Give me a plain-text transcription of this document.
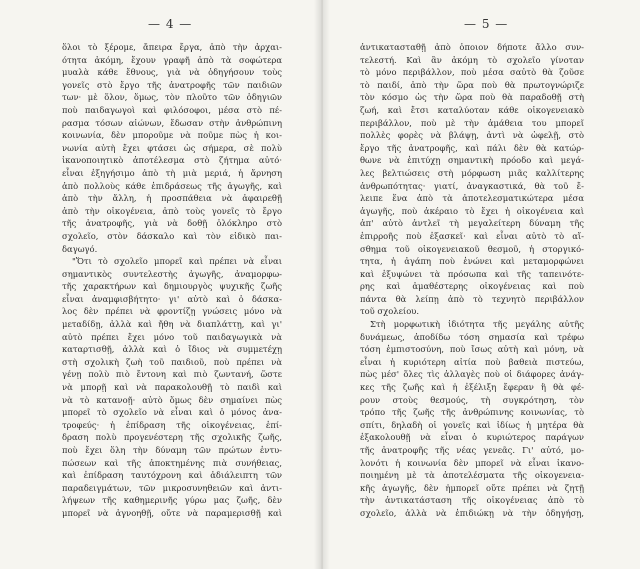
— 4 —
ὅλοι τὸ ξέρομε, ἄπειρα ἔργα, ἀπὸ τὴν ἀρχαι-
ότητα ἀκόμη, ἔχουν γραφῆ ἀπὸ τὰ σοφώτερα
μυαλὰ κάθε ἔθνους, γιὰ νὰ ὁδηγήσουν τοὺς
γονεῖς στὸ ἔργο τῆς ἀνατροφῆς τῶν παιδιῶν
των· μὲ ὅλον, ὅμως, τὸν πλοῦτο τῶν ὁδηγιῶν
ποὺ παιδαγωγοὶ καὶ φιλόσοφοι, μέσα στὸ πέ-
ρασμα τόσων αἰώνων, ἔδωσαν στὴν ἀνθρώπινη
κοινωνία, δὲν μποροῦμε νὰ ποῦμε πὼς ἡ κοι-
νωνία αὐτὴ ἔχει φτάσει ὡς σήμερα, σὲ πολὺ
ἱκανοποιητικὸ ἀποτέλεσμα στὸ ζήτημα αὐτό·
εἶναι ἐξηγήσιμο ἀπὸ τὴ μιὰ μεριά, ἡ ἄρνηση
ἀπὸ πολλοὺς κάθε ἐπιδράσεως τῆς ἀγωγῆς, καὶ
ἀπὸ τὴν ἄλλη, ἡ προσπάθεια νὰ ἀφαιρεθῇ
ἀπὸ τὴν οἰκογένεια, ἀπὸ τοὺς γονεῖς τὸ ἔργο
τῆς ἀνατροφῆς, γιὰ νὰ δοθῇ ὁλόκληρο στὸ
σχολεῖο, στὸν δάσκαλο καὶ τὸν εἰδικὸ παι-
δαγωγό.
"Ὅτι τὸ σχολεῖο μπορεῖ καὶ πρέπει νὰ εἶναι
σημαντικὸς συντελεστὴς ἀγωγῆς, ἀναμορφω-
τῆς χαρακτήρων καὶ δημιουργὸς ψυχικῆς ζωῆς
εἶναι ἀναμφισβήτητο· γι' αὐτὸ καὶ ὁ δάσκα-
λος δὲν πρέπει νὰ φροντίζῃ γνώσεις μόνο νὰ
μεταδίδῃ, ἀλλὰ καὶ ἤθη νὰ διαπλάττῃ, καὶ γι'
αὐτὸ πρέπει ἔχει μόνο τοῦ παιδαγωγικὰ νὰ
καταρτισθῇ, ἀλλὰ καὶ ὁ ἴδιος νὰ συμμετέχῃ
στὴ σχολικὴ ζωὴ τοῦ παιδιοῦ, ποὺ πρέπει νὰ
γένῃ πολὺ πιὸ ἔντονη καὶ πιὸ ζωντανή, ὥστε
νὰ μπορῇ καὶ νὰ παρακολουθῇ τὸ παιδὶ καὶ
νὰ τὸ κατανοῇ· αὐτὸ ὅμως δὲν σημαίνει πὼς
μπορεῖ τὸ σχολεῖο νὰ εἶναι καὶ ὁ μόνος ἀνα-
τροφεύς· ἡ ἐπίδραση τῆς οἰκογένειας, ἐπί-
δραση πολὺ προγενέστερη τῆς σχολικῆς ζωῆς,
ποὺ ἔχει ὅλη τὴν δύναμη τῶν πρώτων ἐντυ-
πώσεων καὶ τῆς ἀποκτημένης πιὰ συνήθειας,
καὶ ἐπίδραση ταυτόχρονη καὶ ἀδιάλειπτη τῶν
παραδειγμάτων, τῶν μικροσυνηθειῶν καὶ ἀντι-
λήψεων τῆς καθημερινῆς γύρω μας ζωῆς, δὲν
μπορεῖ νὰ ἀγνοηθῇ, οὔτε νὰ παραμερισθῇ καὶ
— 5 —
ἀντικατασταθῇ ἀπὸ ὁποιον δήποτε ἄλλο συν-
τελεστή. Καὶ ἂν ἀκόμη τὸ σχολεῖο γίνοταν
τὸ μόνο περιβάλλον, ποὺ μέσα σαὐτὸ θὰ ζοῦσε
τὸ παιδί, ἀπὸ τὴν ὥρα ποὺ θὰ πρωτογνώριζε
τὸν κόσμο ὡς τὴν ὥρα ποὺ θὰ παραδοθῇ στὴ
ζωή, καὶ ἔτσι καταλύοταν κάθε οἰκογενειακὸ
περιβάλλον, ποὺ μὲ τὴν ἀμάθεια του μπορεῖ
πολλὲς φορὲς νὰ βλάψῃ, ἀντὶ νὰ ὠφελῇ, στὸ
ἔργο τῆς ἀνατροφῆς, καὶ πάλι δὲν θὰ κατώρ-
θωνε νὰ ἐπιτύχῃ σημαντικὴ πρόοδο καὶ μεγά-
λες βελτιώσεις στὴ μόρφωση μιᾶς καλλίτερης
ἀνθρωπότητας· γιατί, ἀναγκαστικά, θὰ τοῦ ἔ-
λειπε ἕνα ἀπὸ τὰ ἀποτελεσματικώτερα μέσα
ἀγωγῆς, ποὺ ἀκέραιο τὸ ἔχει ἡ οἰκογένεια καὶ
ἀπ' αὐτὸ ἀντλεῖ τὴ μεγαλείτερη δύναμη τῆς
ἐπιρροῆς ποὺ ἐξασκεῖ· καὶ εἶναι αὐτὸ τὸ αἴ-
σθημα τοῦ οἰκογενειακοῦ θεσμοῦ, ἡ στοργικό-
τητα, ἡ ἀγάπη ποὺ ἑνώνει καὶ μεταμορφώνει
καὶ ἐξυψώνει τὰ πρόσωπα καὶ τῆς ταπεινότε-
ρης καὶ ἀμαθέστερης οἰκογένειας καὶ ποὺ
πάντα θὰ λείπῃ ἀπὸ τὸ τεχνητὸ περιβάλλον
τοῦ σχολείου.
Στὴ μορφωτικὴ ἰδιότητα τῆς μεγάλης αὐτῆς
δυνάμεως, ἀποδίδω τόση σημασία καὶ τρέφω
τόση ἐμπιστοσύνη, ποὺ ἴσως αὐτὴ καὶ μόνη, νὰ
εἶναι ἡ κυριότερη αἰτία ποὺ βαθειὰ πιστεύω,
πὼς μέσ' ὅλες τὶς ἀλλαγὲς ποὺ οἱ διάφορες ἀνάγ-
κες τῆς ζωῆς καὶ ἡ ἐξέλιξη ἔφεραν ἢ θὰ φέ-
ρουν στοὺς θεσμούς, τὴ συγκρότηση, τὸν
τρόπο τῆς ζωῆς τῆς ἀνθρώπινης κοινωνίας, τὸ
σπίτι, δηλαδὴ οἱ γονεῖς καὶ ἰδίως ἡ μητέρα θὰ
ἐξακολουθῇ νὰ εἶναι ὁ κυριώτερος παράγων
τῆς ἀνατροφῆς τῆς νέας γενεᾶς. Γι' αὐτό, μο-
λονότι ἡ κοινωνία δὲν μπορεῖ νὰ εἶναι ἱκανο-
ποιημένη μὲ τὰ ἀποτελέσματα τῆς οἰκογενεια-
κῆς ἀγωγῆς, δὲν ἠμπορεῖ οὔτε πρέπει νὰ ζητῇ
τὴν ἀντικατάσταση τῆς οἰκογένειας ἀπὸ τὸ
σχολεῖο, ἀλλὰ νὰ ἐπιδιώκῃ νὰ τὴν ὁδηγήσῃ,
